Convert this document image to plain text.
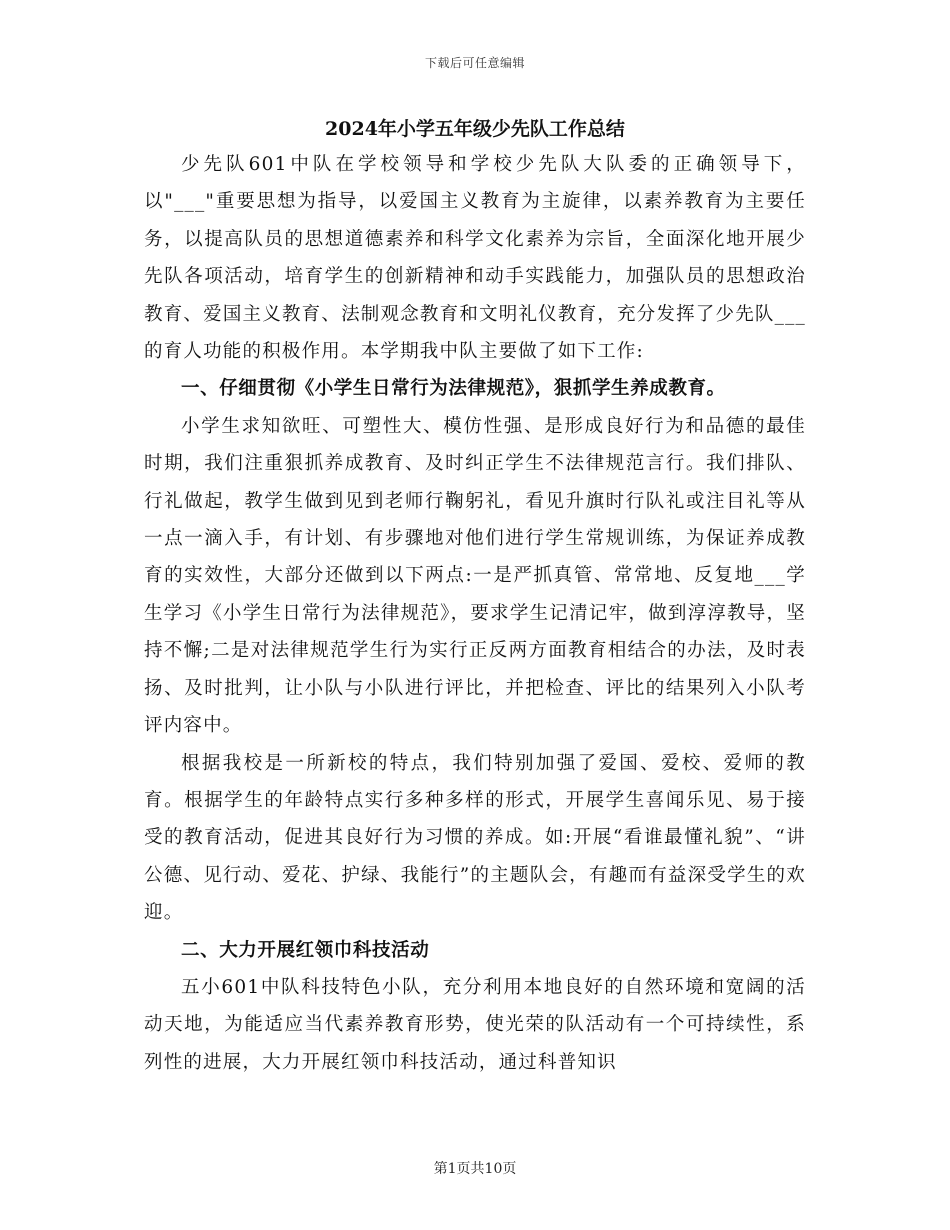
下载后可任意编辑
2024年小学五年级少先队工作总结

少先队601中队在学校领导和学校少先队大队委的正确领导下，以"___"重要思想为指导，以爱国主义教育为主旋律，以素养教育为主要任务，以提高队员的思想道德素养和科学文化素养为宗旨，全面深化地开展少先队各项活动，培育学生的创新精神和动手实践能力，加强队员的思想政治教育、爱国主义教育、法制观念教育和文明礼仪教育，充分发挥了少先队___的育人功能的积极作用。本学期我中队主要做了如下工作:

一、仔细贯彻《小学生日常行为法律规范》，狠抓学生养成教育。

小学生求知欲旺、可塑性大、模仿性强、是形成良好行为和品德的最佳时期，我们注重狠抓养成教育、及时纠正学生不法律规范言行。我们排队、行礼做起，教学生做到见到老师行鞠躬礼，看见升旗时行队礼或注目礼等从一点一滴入手，有计划、有步骤地对他们进行学生常规训练，为保证养成教育的实效性，大部分还做到以下两点:一是严抓真管、常常地、反复地___学生学习《小学生日常行为法律规范》，要求学生记清记牢，做到淳淳教导，坚持不懈;二是对法律规范学生行为实行正反两方面教育相结合的办法，及时表扬、及时批判，让小队与小队进行评比，并把检查、评比的结果列入小队考评内容中。

根据我校是一所新校的特点，我们特别加强了爱国、爱校、爱师的教育。根据学生的年龄特点实行多种多样的形式，开展学生喜闻乐见、易于接受的教育活动，促进其良好行为习惯的养成。如:开展“看谁最懂礼貌”、“讲公德、见行动、爱花、护绿、我能行”的主题队会，有趣而有益深受学生的欢迎。

二、大力开展红领巾科技活动

五小601中队科技特色小队，充分利用本地良好的自然环境和宽阔的活动天地，为能适应当代素养教育形势，使光荣的队活动有一个可持续性，系列性的进展，大力开展红领巾科技活动，通过科普知识

第1页共10页
